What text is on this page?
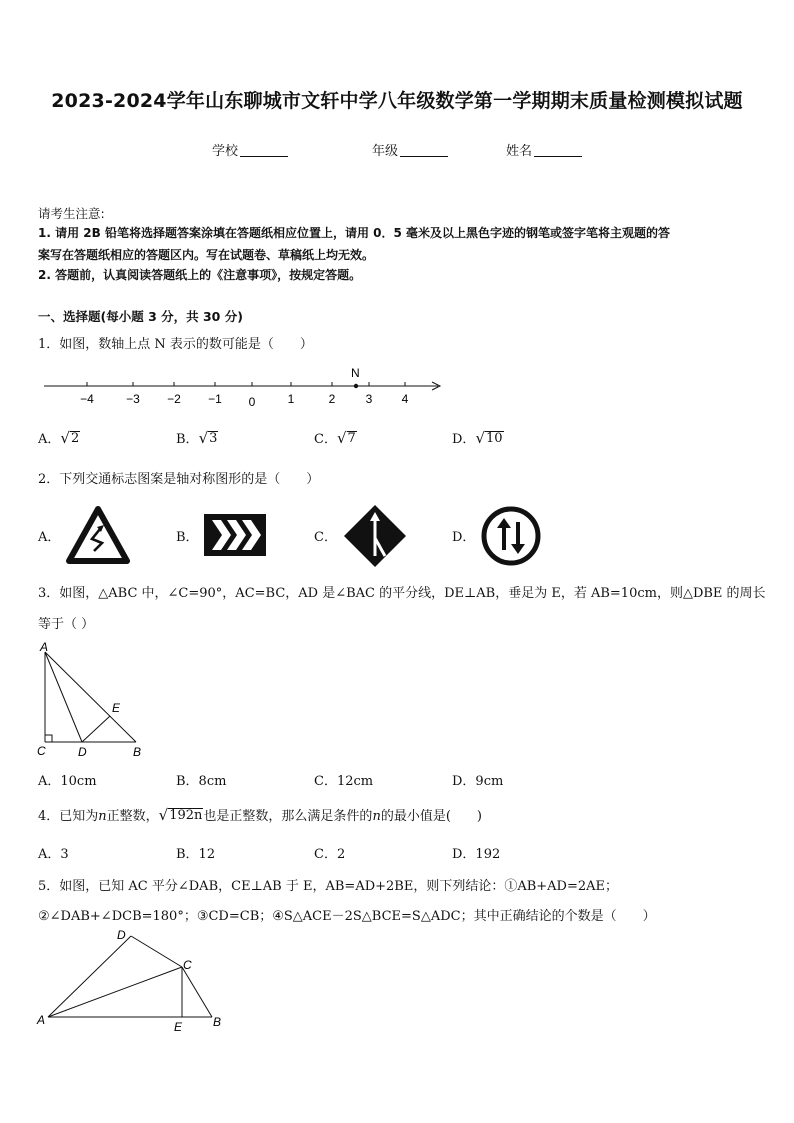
2023-2024学年山东聊城市文轩中学八年级数学第一学期期末质量检测模拟试题
学校	年级	姓名
请考生注意:
1. 请用 2B 铅笔将选择题答案涂填在答题纸相应位置上，请用 0．5 毫米及以上黑色字迹的钢笔或签字笔将主观题的答
案写在答题纸相应的答题区内。写在试题卷、草稿纸上均无效。
2. 答题前，认真阅读答题纸上的《注意事项》，按规定答题。
一、选择题(每小题 3 分，共 30 分)
1．如图，数轴上点 N 表示的数可能是（　　）
−4	−3 −2 −1 0	1	2	3 4
N
A． √ 2	B． √ 3	C． √ 7	D． √ 10
2．下列交通标志图案是轴对称图形的是（　　）
A．	B．	C．	D．
3．如图，△ABC 中，∠C=90°，AC=BC，AD 是∠BAC 的平分线，DE⊥AB，垂足为 E，若 AB=10cm，则△DBE 的周长
等于（ ）
A
C	D
E
B
A．10cm	B．8cm	C．12cm	D．9cm
4．已知为n正整数， √ 192n 也是正整数，那么满足条件的n的最小值是(　　)
A．3	B．12	C．2	D．192
5．如图，已知 AC 平分∠DAB，CE⊥AB 于 E，AB=AD+2BE，则下列结论：①AB+AD=2AE；
②∠DAB+∠DCB=180°；③CD=CB；④S△ACE－2S△BCE=S△ADC；其中正确结论的个数是（　　）
A
D
C
E	B
